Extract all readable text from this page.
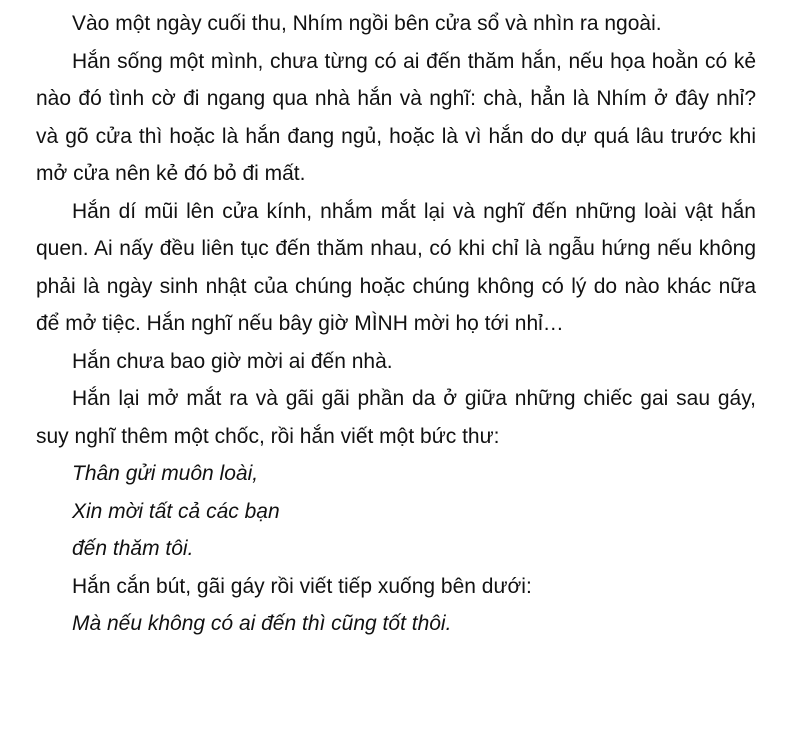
Vào một ngày cuối thu, Nhím ngồi bên cửa sổ và nhìn ra ngoài.

Hắn sống một mình, chưa từng có ai đến thăm hắn, nếu họa hoằn có kẻ nào đó tình cờ đi ngang qua nhà hắn và nghĩ: chà, hẳn là Nhím ở đây nhỉ? và gõ cửa thì hoặc là hắn đang ngủ, hoặc là vì hắn do dự quá lâu trước khi mở cửa nên kẻ đó bỏ đi mất.

Hắn dí mũi lên cửa kính, nhắm mắt lại và nghĩ đến những loài vật hắn quen. Ai nấy đều liên tục đến thăm nhau, có khi chỉ là ngẫu hứng nếu không phải là ngày sinh nhật của chúng hoặc chúng không có lý do nào khác nữa để mở tiệc. Hắn nghĩ nếu bây giờ MÌNH mời họ tới nhỉ…

Hắn chưa bao giờ mời ai đến nhà.

Hắn lại mở mắt ra và gãi gãi phần da ở giữa những chiếc gai sau gáy, suy nghĩ thêm một chốc, rồi hắn viết một bức thư:

Thân gửi muôn loài,

Xin mời tất cả các bạn

đến thăm tôi.

Hắn cắn bút, gãi gáy rồi viết tiếp xuống bên dưới:

Mà nếu không có ai đến thì cũng tốt thôi.
